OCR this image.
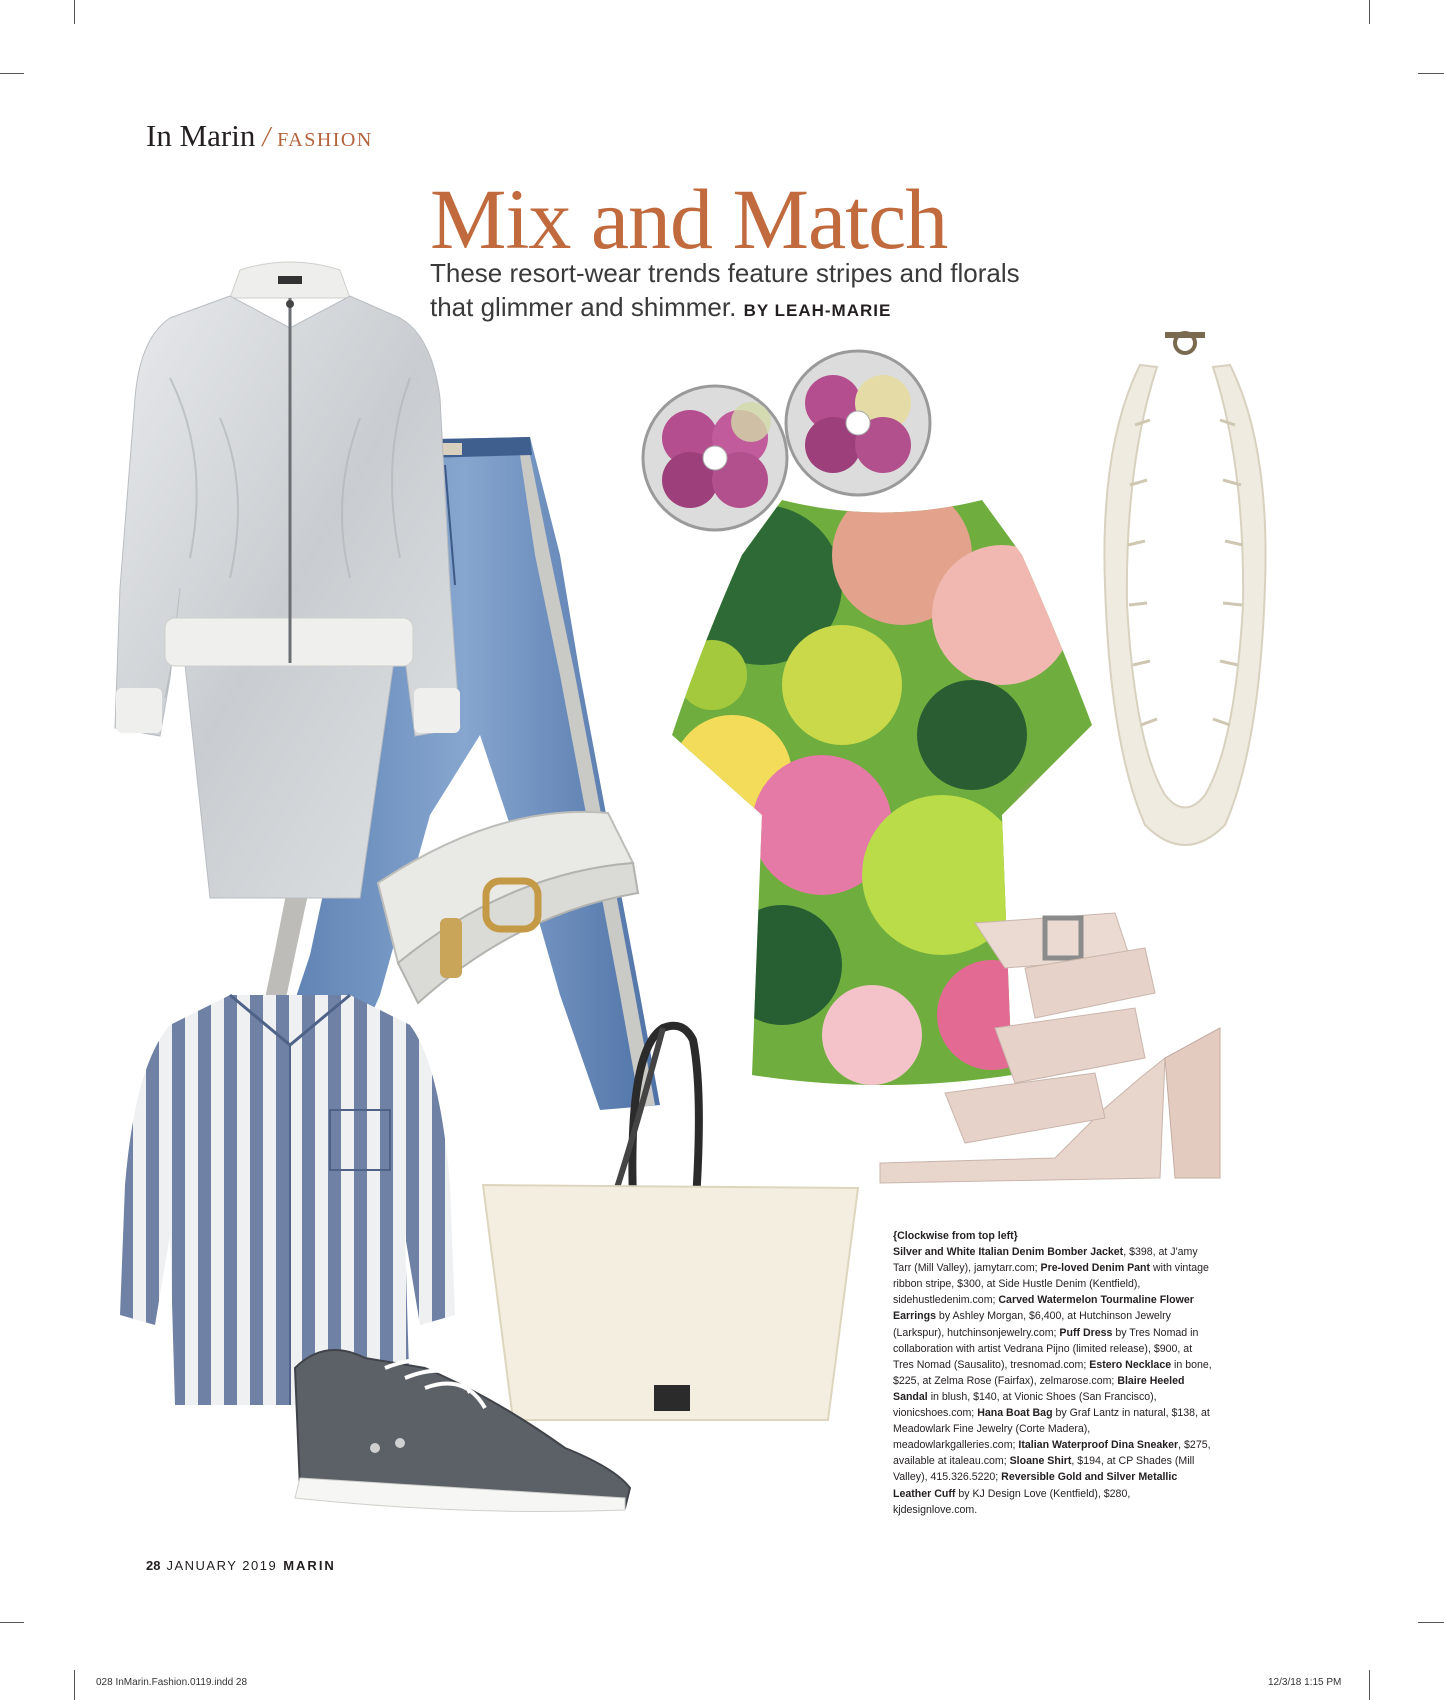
028 InMarin.Fashion.0119.indd 28	12/3/18 1:15 PM
In Marin / FASHION
Mix and Match
These resort-wear trends feature stripes and florals that glimmer and shimmer. BY LEAH-MARIE
{Clockwise from top left}
Silver and White Italian Denim Bomber Jacket, $398, at J'amy Tarr (Mill Valley), jamytarr.com; Pre-loved Denim Pant with vintage ribbon stripe, $300, at Side Hustle Denim (Kentfield), sidehustledenim.com; Carved Watermelon Tourmaline Flower Earrings by Ashley Morgan, $6,400, at Hutchinson Jewelry (Larkspur), hutchinsonjewelry.com; Puff Dress by Tres Nomad in collaboration with artist Vedrana Pijno (limited release), $900, at Tres Nomad (Sausalito), tresnomad.com; Estero Necklace in bone, $225, at Zelma Rose (Fairfax), zelmarose.com; Blaire Heeled Sandal in blush, $140, at Vionic Shoes (San Francisco), vionicshoes.com; Hana Boat Bag by Graf Lantz in natural, $138, at Meadowlark Fine Jewelry (Corte Madera), meadowlarkgalleries.com; Italian Waterproof Dina Sneaker, $275, available at italeau.com; Sloane Shirt, $194, at CP Shades (Mill Valley), 415.326.5220; Reversible Gold and Silver Metallic Leather Cuff by KJ Design Love (Kentfield), $280, kjdesignlove.com.
28 JANUARY 2019 MARIN
